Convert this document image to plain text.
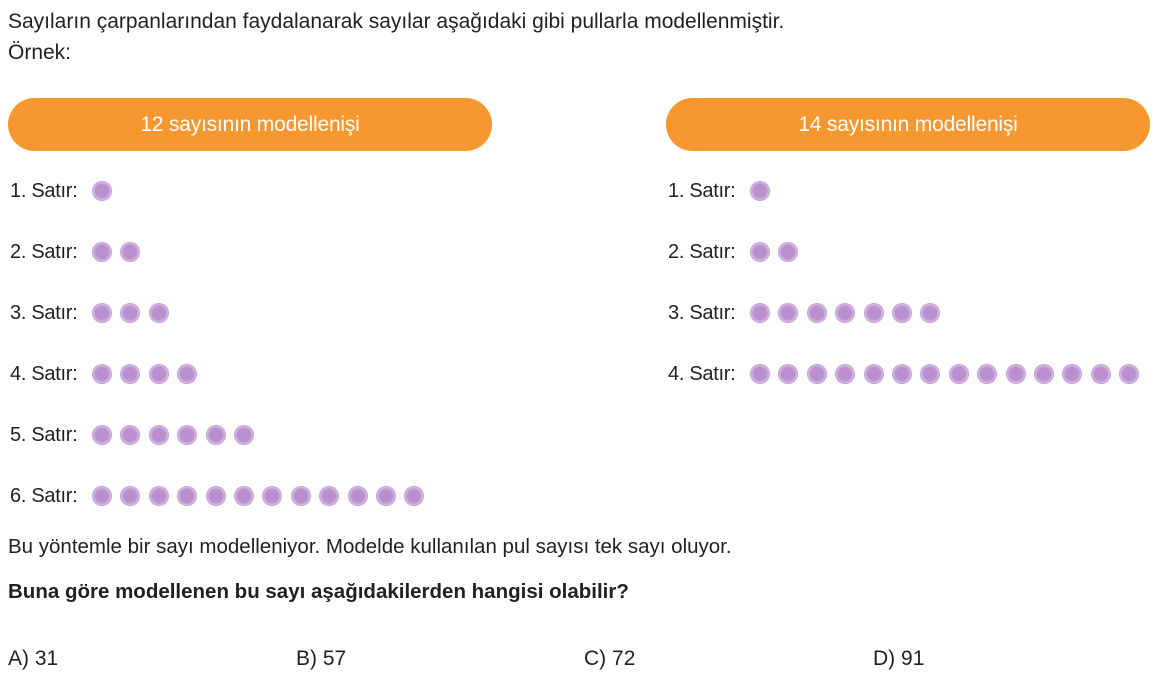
Sayıların çarpanlarından faydalanarak sayılar aşağıdaki gibi pullarla modellenmiştir.
Örnek:
12 sayısının modellenişi
1. Satır:
2. Satır:
3. Satır:
4. Satır:
5. Satır:
6. Satır:
14 sayısının modellenişi
1. Satır:
2. Satır:
3. Satır:
4. Satır:
Bu yöntemle bir sayı modelleniyor. Modelde kullanılan pul sayısı tek sayı oluyor.
Buna göre modellenen bu sayı aşağıdakilerden hangisi olabilir?
A) 31	B) 57	C) 72	D) 91
